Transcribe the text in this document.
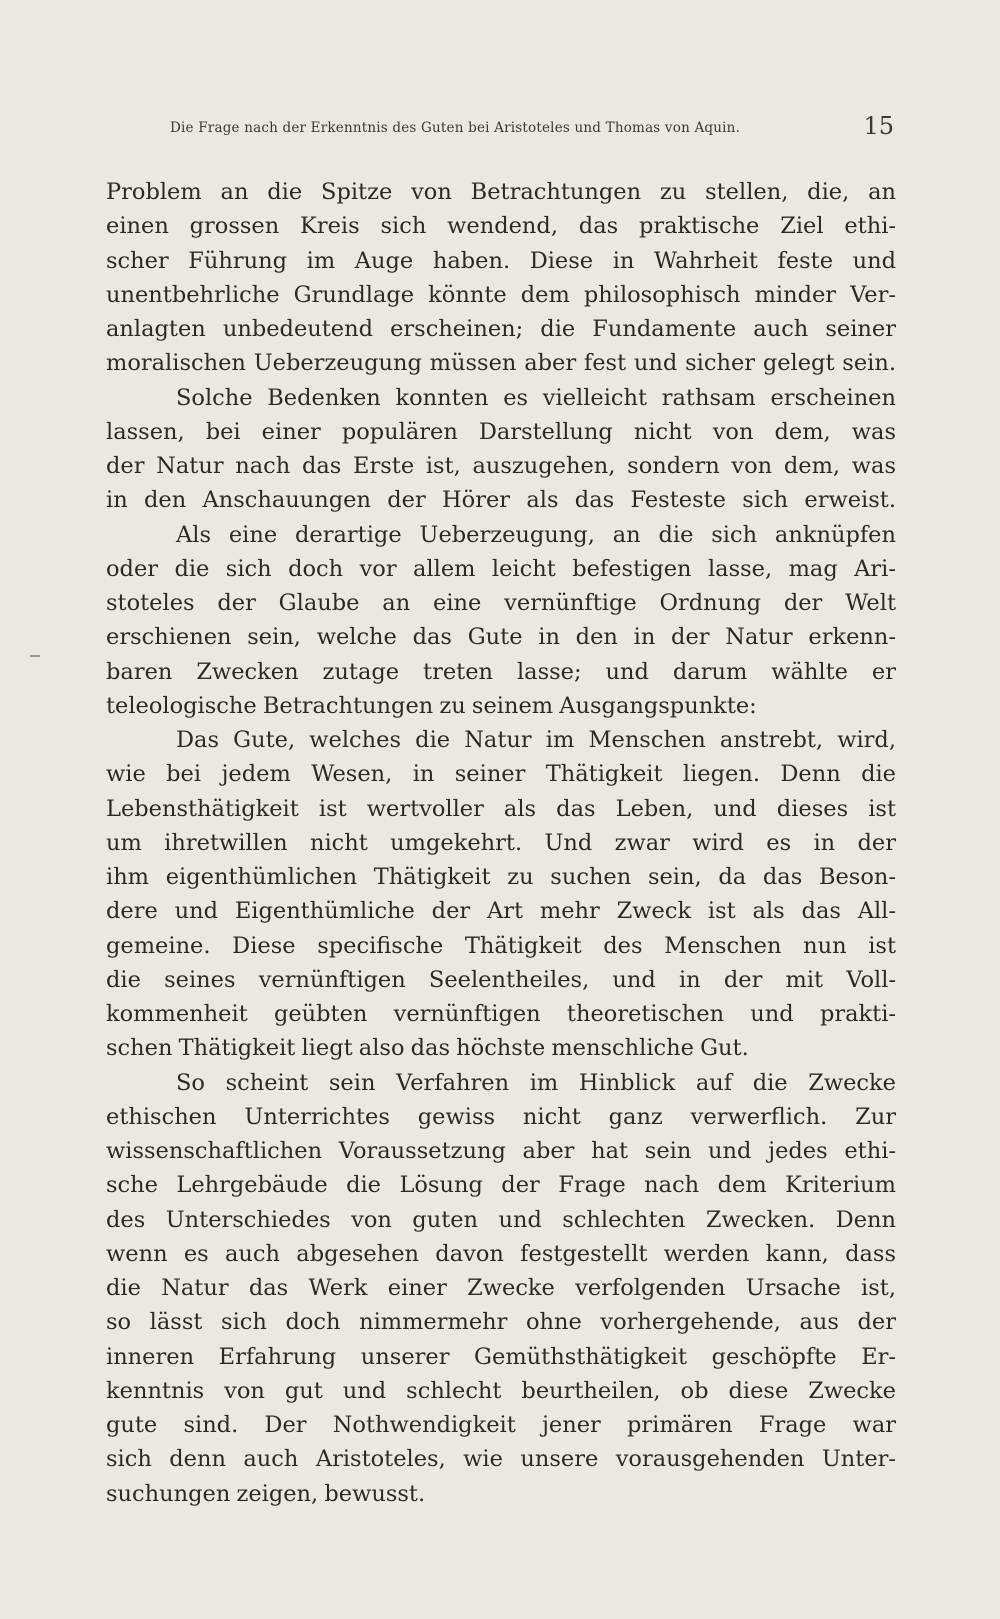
Die Frage nach der Erkenntnis des Guten bei Aristoteles und Thomas von Aquin.	15
Problem an die Spitze von Betrachtungen zu stellen, die, an
einen grossen Kreis sich wendend, das praktische Ziel ethi-
scher Führung im Auge haben. Diese in Wahrheit feste und
unentbehrliche Grundlage könnte dem philosophisch minder Ver-
anlagten unbedeutend erscheinen; die Fundamente auch seiner
moralischen Ueberzeugung müssen aber fest und sicher gelegt sein.
Solche Bedenken konnten es vielleicht rathsam erscheinen
lassen, bei einer populären Darstellung nicht von dem, was
der Natur nach das Erste ist, auszugehen, sondern von dem, was
in den Anschauungen der Hörer als das Festeste sich erweist.
Als eine derartige Ueberzeugung, an die sich anknüpfen
oder die sich doch vor allem leicht befestigen lasse, mag Ari-
stoteles der Glaube an eine vernünftige Ordnung der Welt
erschienen sein, welche das Gute in den in der Natur erkenn-
baren Zwecken zutage treten lasse; und darum wählte er
teleologische Betrachtungen zu seinem Ausgangspunkte:
Das Gute, welches die Natur im Menschen anstrebt, wird,
wie bei jedem Wesen, in seiner Thätigkeit liegen. Denn die
Lebensthätigkeit ist wertvoller als das Leben, und dieses ist
um ihretwillen nicht umgekehrt. Und zwar wird es in der
ihm eigenthümlichen Thätigkeit zu suchen sein, da das Beson-
dere und Eigenthümliche der Art mehr Zweck ist als das All-
gemeine. Diese specifische Thätigkeit des Menschen nun ist
die seines vernünftigen Seelentheiles, und in der mit Voll-
kommenheit geübten vernünftigen theoretischen und prakti-
schen Thätigkeit liegt also das höchste menschliche Gut.
So scheint sein Verfahren im Hinblick auf die Zwecke
ethischen Unterrichtes gewiss nicht ganz verwerflich. Zur
wissenschaftlichen Voraussetzung aber hat sein und jedes ethi-
sche Lehrgebäude die Lösung der Frage nach dem Kriterium
des Unterschiedes von guten und schlechten Zwecken. Denn
wenn es auch abgesehen davon festgestellt werden kann, dass
die Natur das Werk einer Zwecke verfolgenden Ursache ist,
so lässt sich doch nimmermehr ohne vorhergehende, aus der
inneren Erfahrung unserer Gemüthsthätigkeit geschöpfte Er-
kenntnis von gut und schlecht beurtheilen, ob diese Zwecke
gute sind. Der Nothwendigkeit jener primären Frage war
sich denn auch Aristoteles, wie unsere vorausgehenden Unter-
suchungen zeigen, bewusst.
